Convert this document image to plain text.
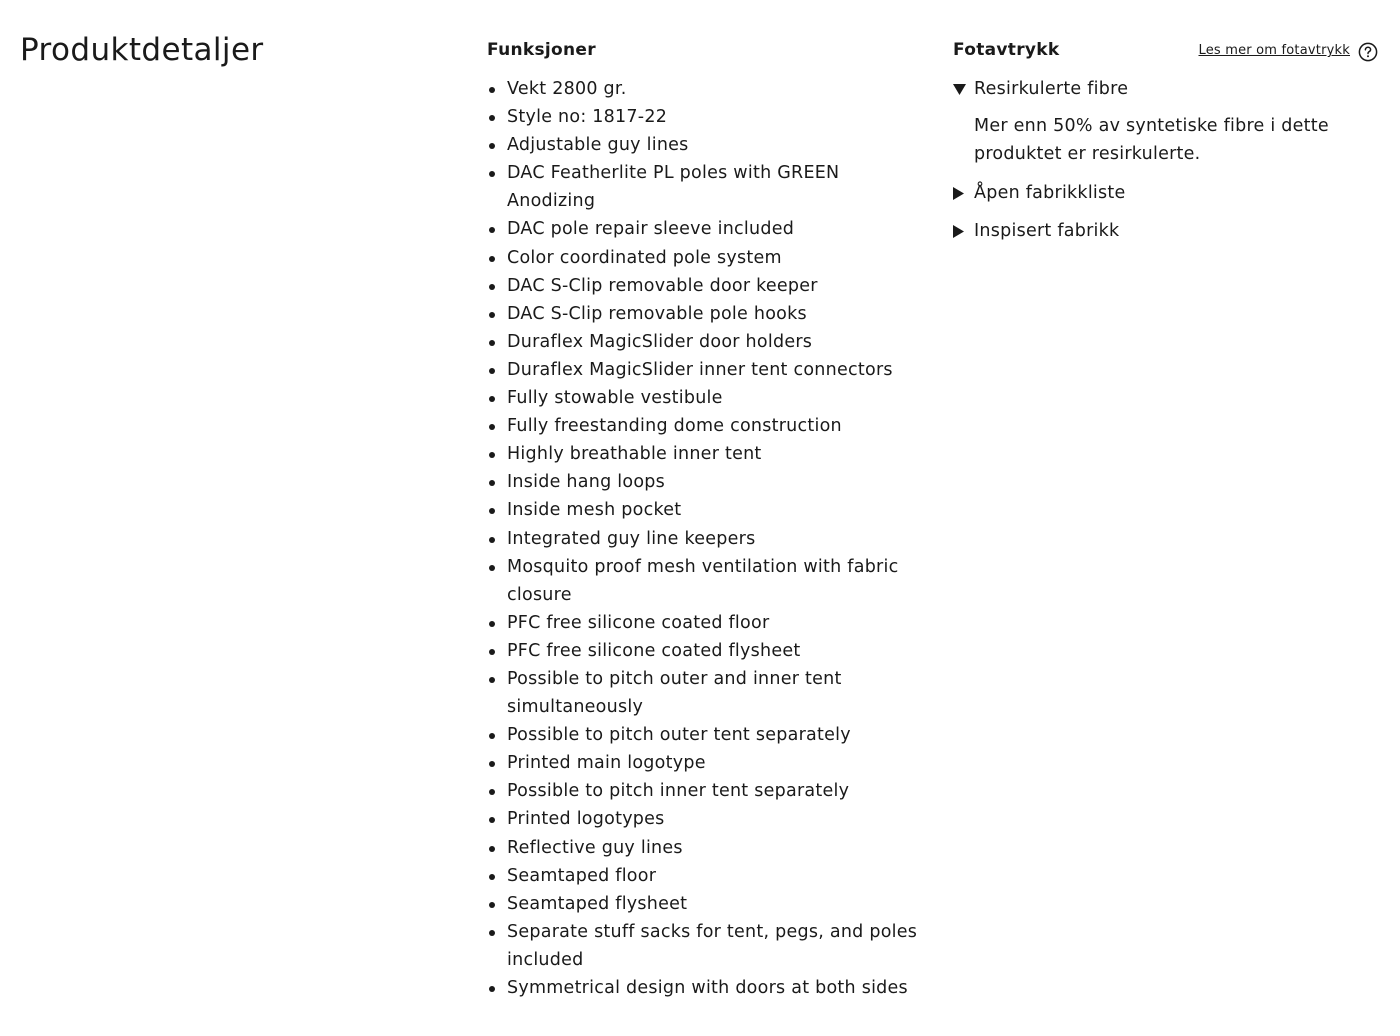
Produktdetaljer	Funksjoner
Vekt 2800 gr.
Style no: 1817-22
Adjustable guy lines
DAC Featherlite PL poles with GREEN Anodizing
DAC pole repair sleeve included
Color coordinated pole system
DAC S-Clip removable door keeper
DAC S-Clip removable pole hooks
Duraflex MagicSlider door holders
Duraflex MagicSlider inner tent connectors
Fully stowable vestibule
Fully freestanding dome construction
Highly breathable inner tent
Inside hang loops
Inside mesh pocket
Integrated guy line keepers
Mosquito proof mesh ventilation with fabric closure
PFC free silicone coated floor
PFC free silicone coated flysheet
Possible to pitch outer and inner tent simultaneously
Possible to pitch outer tent separately
Printed main logotype
Possible to pitch inner tent separately
Printed logotypes
Reflective guy lines
Seamtaped floor
Seamtaped flysheet
Separate stuff sacks for tent, pegs, and poles included
Symmetrical design with doors at both sides
Fotavtrykk	Les mer om fotavtrykk
Resirkulerte fibre
Mer enn 50% av syntetiske fibre i dette produktet er resirkulerte.
Åpen fabrikkliste
Inspisert fabrikk
